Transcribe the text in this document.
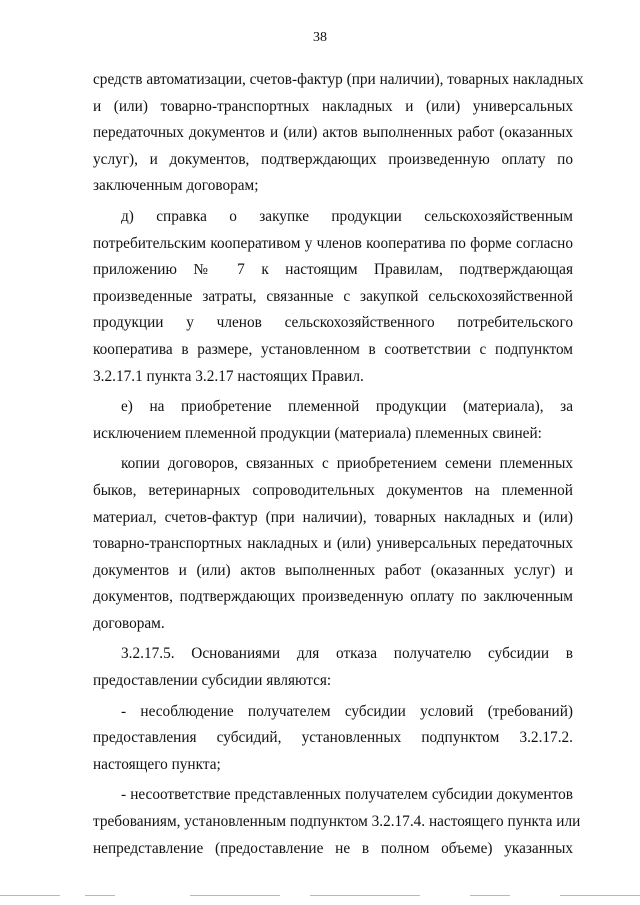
38
средств автоматизации, счетов-фактур (при наличии), товарных накладных
и (или) товарно-транспортных накладных и (или) универсальных
передаточных документов и (или) актов выполненных работ (оказанных
услуг), и документов, подтверждающих произведенную оплату по
заключенным договорам;
д) справка о закупке продукции сельскохозяйственным
потребительским кооперативом у членов кооператива по форме согласно
приложению № 7 к настоящим Правилам, подтверждающая
произведенные затраты, связанные с закупкой сельскохозяйственной
продукции у членов сельскохозяйственного потребительского
кооператива в размере, установленном в соответствии с подпунктом
3.2.17.1 пункта 3.2.17 настоящих Правил.
е) на приобретение племенной продукции (материала), за
исключением племенной продукции (материала) племенных свиней:
копии договоров, связанных с приобретением семени племенных
быков, ветеринарных сопроводительных документов на племенной
материал, счетов-фактур (при наличии), товарных накладных и (или)
товарно-транспортных накладных и (или) универсальных передаточных
документов и (или) актов выполненных работ (оказанных услуг) и
документов, подтверждающих произведенную оплату по заключенным
договорам.
3.2.17.5. Основаниями для отказа получателю субсидии в
предоставлении субсидии являются:
- несоблюдение получателем субсидии условий (требований)
предоставления субсидий, установленных подпунктом 3.2.17.2.
настоящего пункта;
- несоответствие представленных получателем субсидии документов
требованиям, установленным подпунктом 3.2.17.4. настоящего пункта или
непредставление (предоставление не в полном объеме) указанных
